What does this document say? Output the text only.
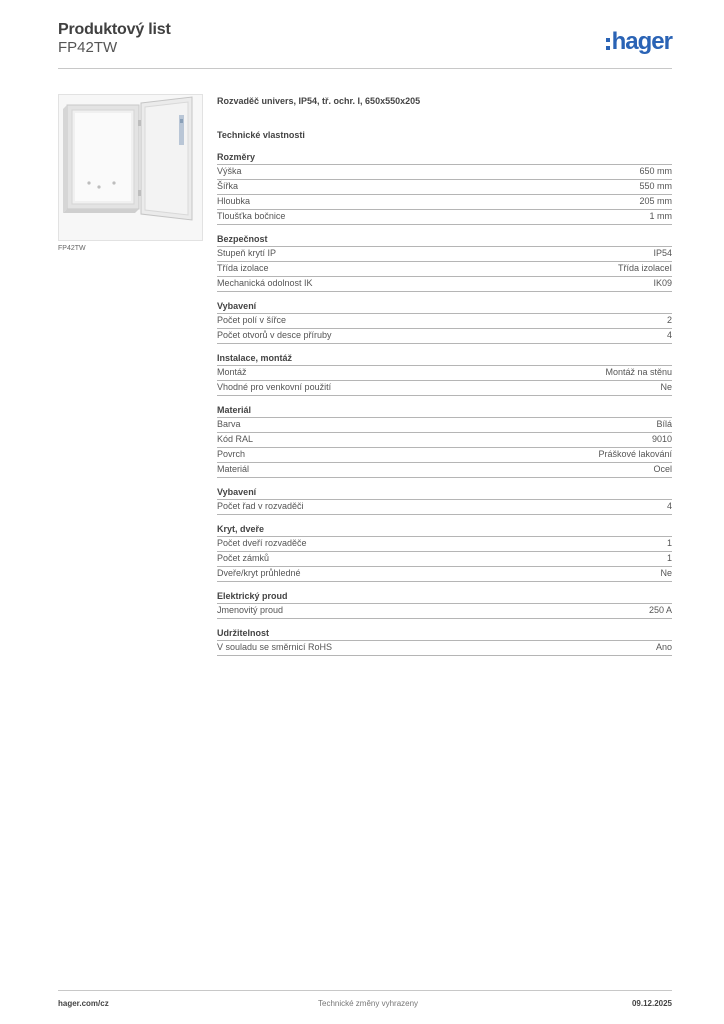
Produktový list
FP42TW	hager
FP42TW
Rozvaděč univers, IP54, tř. ochr. I, 650x550x205
Technické vlastnosti
Rozměry
Výška	650 mm
Šířka	550 mm
Hloubka	205 mm
Tloušťka bočnice	1 mm
Bezpečnost
Stupeň krytí IP	IP54
Třída izolace	Třída izolaceI
Mechanická odolnost IK	IK09
Vybavení
Počet polí v šířce	2
Počet otvorů v desce příruby	4
Instalace, montáž
Montáž	Montáž na stěnu
Vhodné pro venkovní použití	Ne
Materiál
Barva	Bílá
Kód RAL	9010
Povrch	Práškové lakování
Materiál	Ocel
Vybavení
Počet řad v rozvaděči	4
Kryt, dveře
Počet dveří rozvaděče	1
Počet zámků	1
Dveře/kryt průhledné	Ne
Elektrický proud
Jmenovitý proud	250 A
Udržitelnost
V souladu se směrnicí RoHS	Ano
hager.com/cz	Technické změny vyhrazeny	09.12.2025
